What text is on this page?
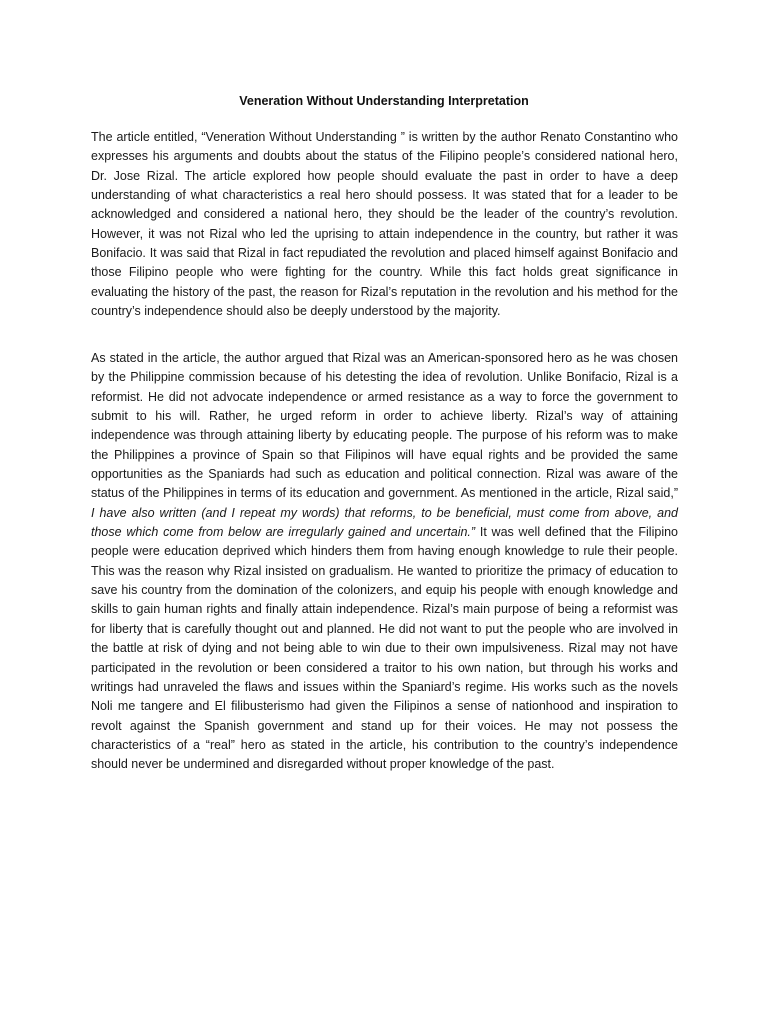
Veneration Without Understanding Interpretation

The article entitled, “Veneration Without Understanding ” is written by the author Renato Constantino who expresses his arguments and doubts about the status of the Filipino people’s considered national hero, Dr. Jose Rizal. The article explored how people should evaluate the past in order to have a deep understanding of what characteristics a real hero should possess. It was stated that for a leader to be acknowledged and considered a national hero, they should be the leader of the country’s revolution. However, it was not Rizal who led the uprising to attain independence in the country, but rather it was Bonifacio. It was said that Rizal in fact repudiated the revolution and placed himself against Bonifacio and those Filipino people who were fighting for the country. While this fact holds great significance in evaluating the history of the past, the reason for Rizal’s reputation in the revolution and his method for the country’s independence should also be deeply understood by the majority.

As stated in the article, the author argued that Rizal was an American-sponsored hero as he was chosen by the Philippine commission because of his detesting the idea of revolution. Unlike Bonifacio, Rizal is a reformist. He did not advocate independence or armed resistance as a way to force the government to submit to his will. Rather, he urged reform in order to achieve liberty. Rizal’s way of attaining independence was through attaining liberty by educating people. The purpose of his reform was to make the Philippines a province of Spain so that Filipinos will have equal rights and be provided the same opportunities as the Spaniards had such as education and political connection. Rizal was aware of the status of the Philippines in terms of its education and government. As mentioned in the article, Rizal said,” I have also written (and I repeat my words) that reforms, to be beneficial, must come from above, and those which come from below are irregularly gained and uncertain.” It was well defined that the Filipino people were education deprived which hinders them from having enough knowledge to rule their people. This was the reason why Rizal insisted on gradualism. He wanted to prioritize the primacy of education to save his country from the domination of the colonizers, and equip his people with enough knowledge and skills to gain human rights and finally attain independence. Rizal’s main purpose of being a reformist was for liberty that is carefully thought out and planned. He did not want to put the people who are involved in the battle at risk of dying and not being able to win due to their own impulsiveness. Rizal may not have participated in the revolution or been considered a traitor to his own nation, but through his works and writings had unraveled the flaws and issues within the Spaniard’s regime. His works such as the novels Noli me tangere and El filibusterismo had given the Filipinos a sense of nationhood and inspiration to revolt against the Spanish government and stand up for their voices. He may not possess the characteristics of a “real” hero as stated in the article, his contribution to the country’s independence should never be undermined and disregarded without proper knowledge of the past.
